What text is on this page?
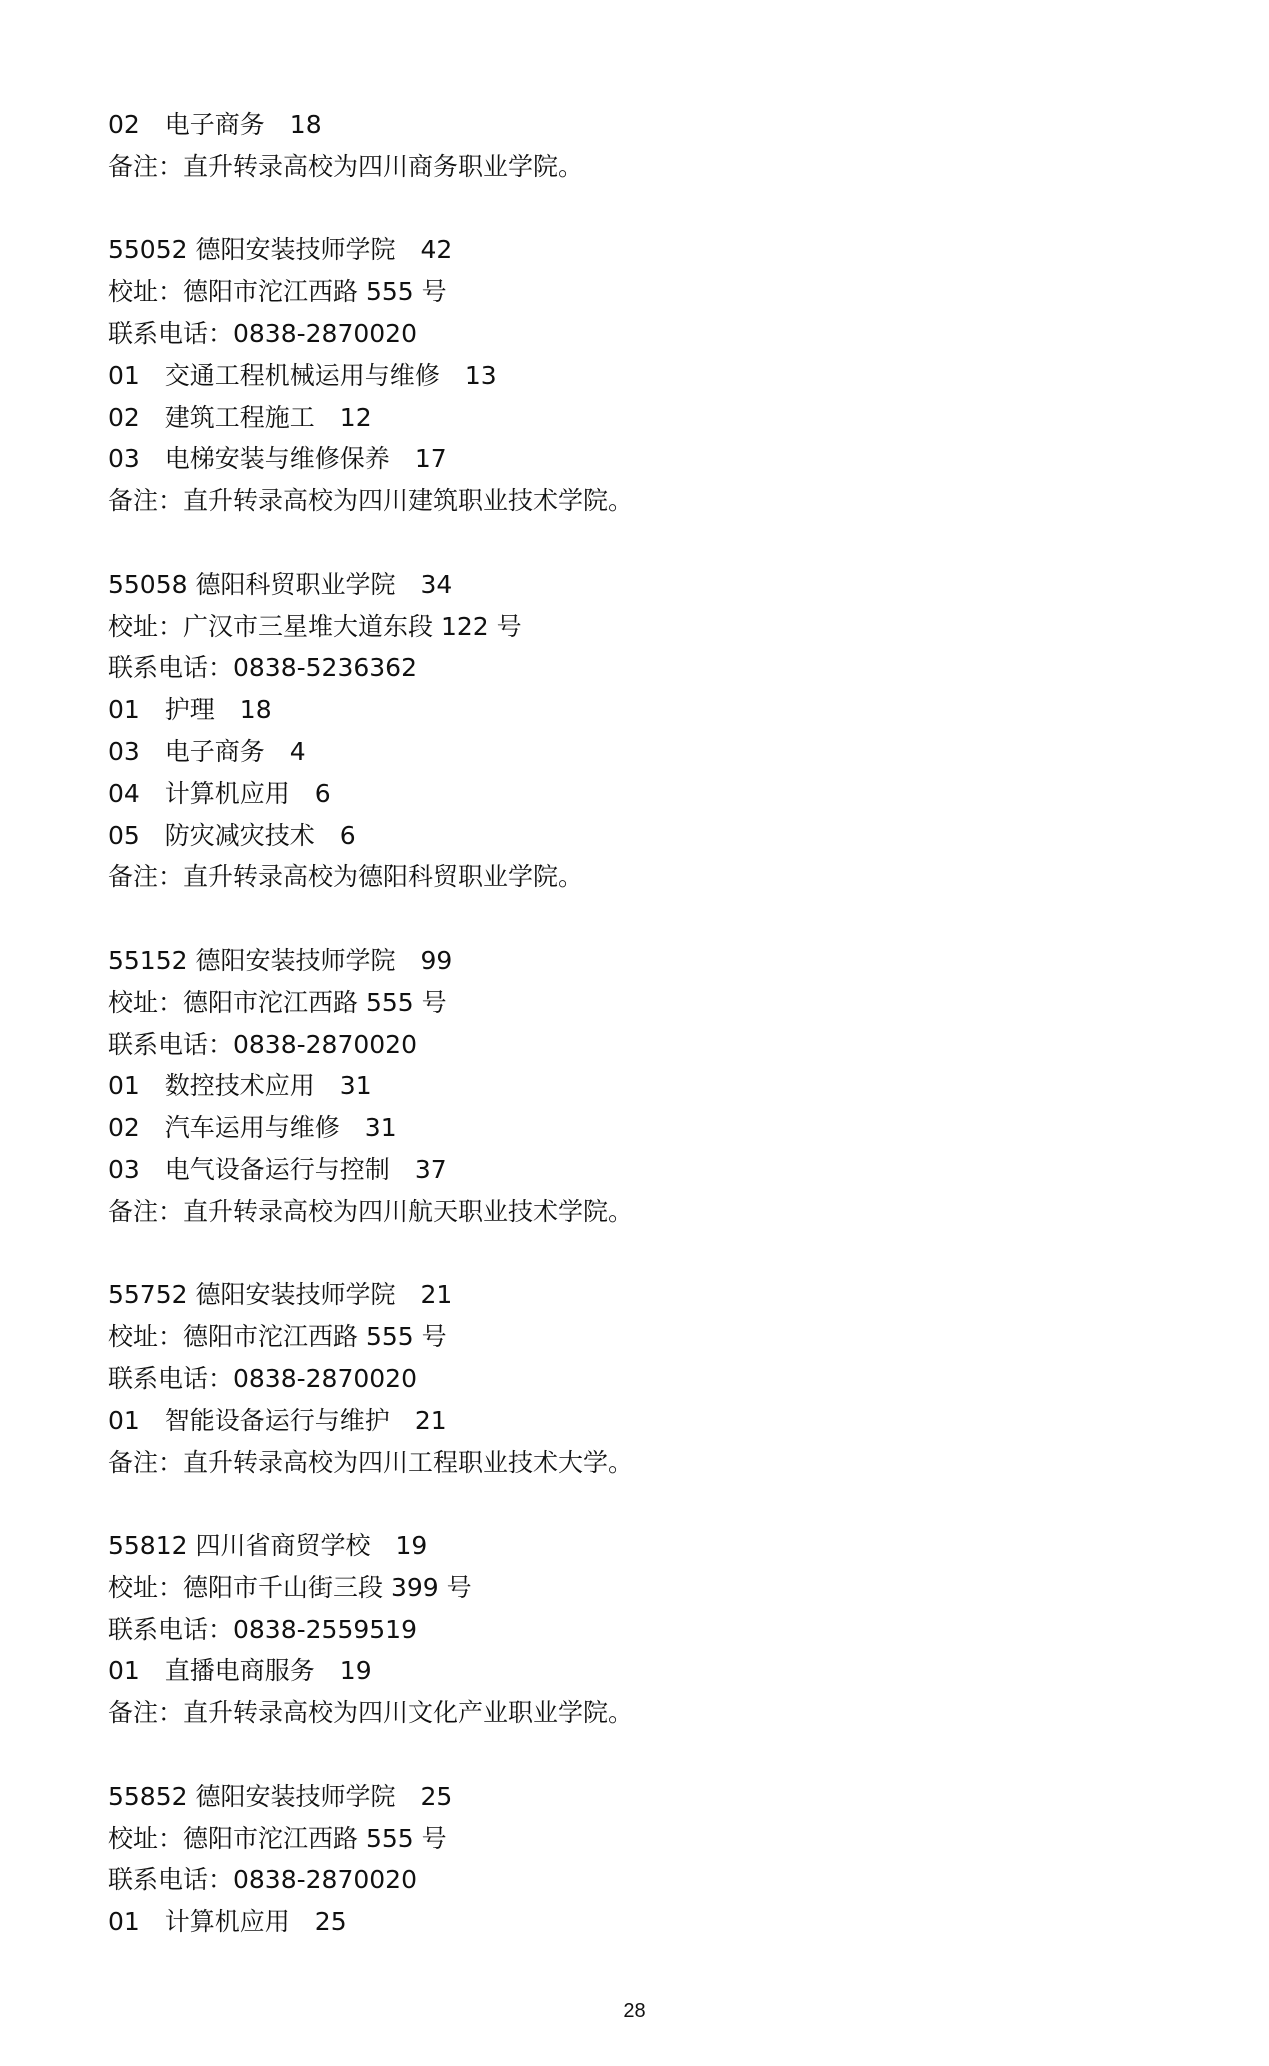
02　电子商务　18
备注：直升转录高校为四川商务职业学院。
55052 德阳安装技师学院　42
校址：德阳市沱江西路 555 号
联系电话：0838-2870020
01　交通工程机械运用与维修　13
02　建筑工程施工　12
03　电梯安装与维修保养　17
备注：直升转录高校为四川建筑职业技术学院。
55058 德阳科贸职业学院　34
校址：广汉市三星堆大道东段 122 号
联系电话：0838-5236362
01　护理　18
03　电子商务　4
04　计算机应用　6
05　防灾减灾技术　6
备注：直升转录高校为德阳科贸职业学院。
55152 德阳安装技师学院　99
校址：德阳市沱江西路 555 号
联系电话：0838-2870020
01　数控技术应用　31
02　汽车运用与维修　31
03　电气设备运行与控制　37
备注：直升转录高校为四川航天职业技术学院。
55752 德阳安装技师学院　21
校址：德阳市沱江西路 555 号
联系电话：0838-2870020
01　智能设备运行与维护　21
备注：直升转录高校为四川工程职业技术大学。
55812 四川省商贸学校　19
校址：德阳市千山街三段 399 号
联系电话：0838-2559519
01　直播电商服务　19
备注：直升转录高校为四川文化产业职业学院。
55852 德阳安装技师学院　25
校址：德阳市沱江西路 555 号
联系电话：0838-2870020
01　计算机应用　25
28
